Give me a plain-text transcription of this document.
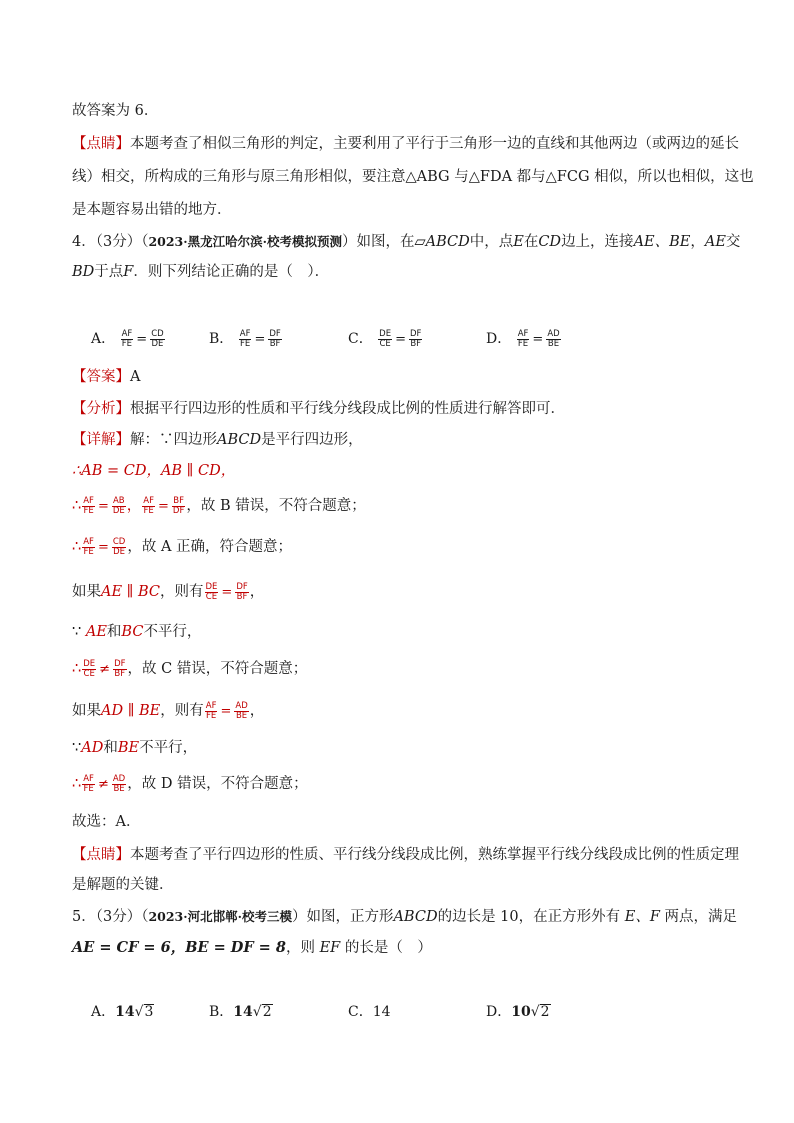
故答案为 6．
【点睛】本题考查了相似三角形的判定，主要利用了平行于三角形一边的直线和其他两边（或两边的延长
线）相交，所构成的三角形与原三角形相似，要注意△ABG 与△FDA 都与△FCG 相似，所以也相似，这也
是本题容易出错的地方．
4．（3分）（2023·黑龙江哈尔滨·校考模拟预测）如图，在▱ABCD中，点E在CD边上，连接AE、BE，AE交
BD于点F．则下列结论正确的是（　）．
A． $\frac{AF}{FE} = \frac{CD}{DE}$	B． $\frac{AF}{FE} = \frac{DF}{BF}$	C． $\frac{DE}{CE} = \frac{DF}{BF}$	D． $\frac{AF}{FE} = \frac{AD}{BE}$
【答案】A
【分析】根据平行四边形的性质和平行线分线段成比例的性质进行解答即可．
【详解】解：∵四边形ABCD是平行四边形，
∴AB = CD，AB ∥ CD，
∴ $\frac{AF}{FE} = \frac{AB}{DE}$ ， $\frac{AF}{FE} = \frac{BF}{DF}$ ，故 B 错误，不符合题意；
∴ $\frac{AF}{FE} = \frac{CD}{DE}$ ，故 A 正确，符合题意；
如果AE ∥ BC，则有 $\frac{DE}{CE} = \frac{DF}{BF}$ ，
∵ AE和BC不平行，
∴ $\frac{DE}{CE} \ne \frac{DF}{BF}$ ，故 C 错误，不符合题意；
如果AD ∥ BE，则有 $\frac{AF}{FE} = \frac{AD}{BE}$ ，
∵AD和BE不平行，
∴ $\frac{AF}{FE} \ne \frac{AD}{BE}$ ，故 D 错误，不符合题意；
故选：A．
【点睛】本题考查了平行四边形的性质、平行线分线段成比例，熟练掌握平行线分线段成比例的性质定理
是解题的关键．
5．（3分）（2023·河北邯郸·校考三模）如图，正方形ABCD的边长是 10，在正方形外有 E、F 两点，满足
AE = CF = 6，BE = DF = 8，则 EF 的长是（　）
A．14√3	B．14√2	C．14	D．10√2
